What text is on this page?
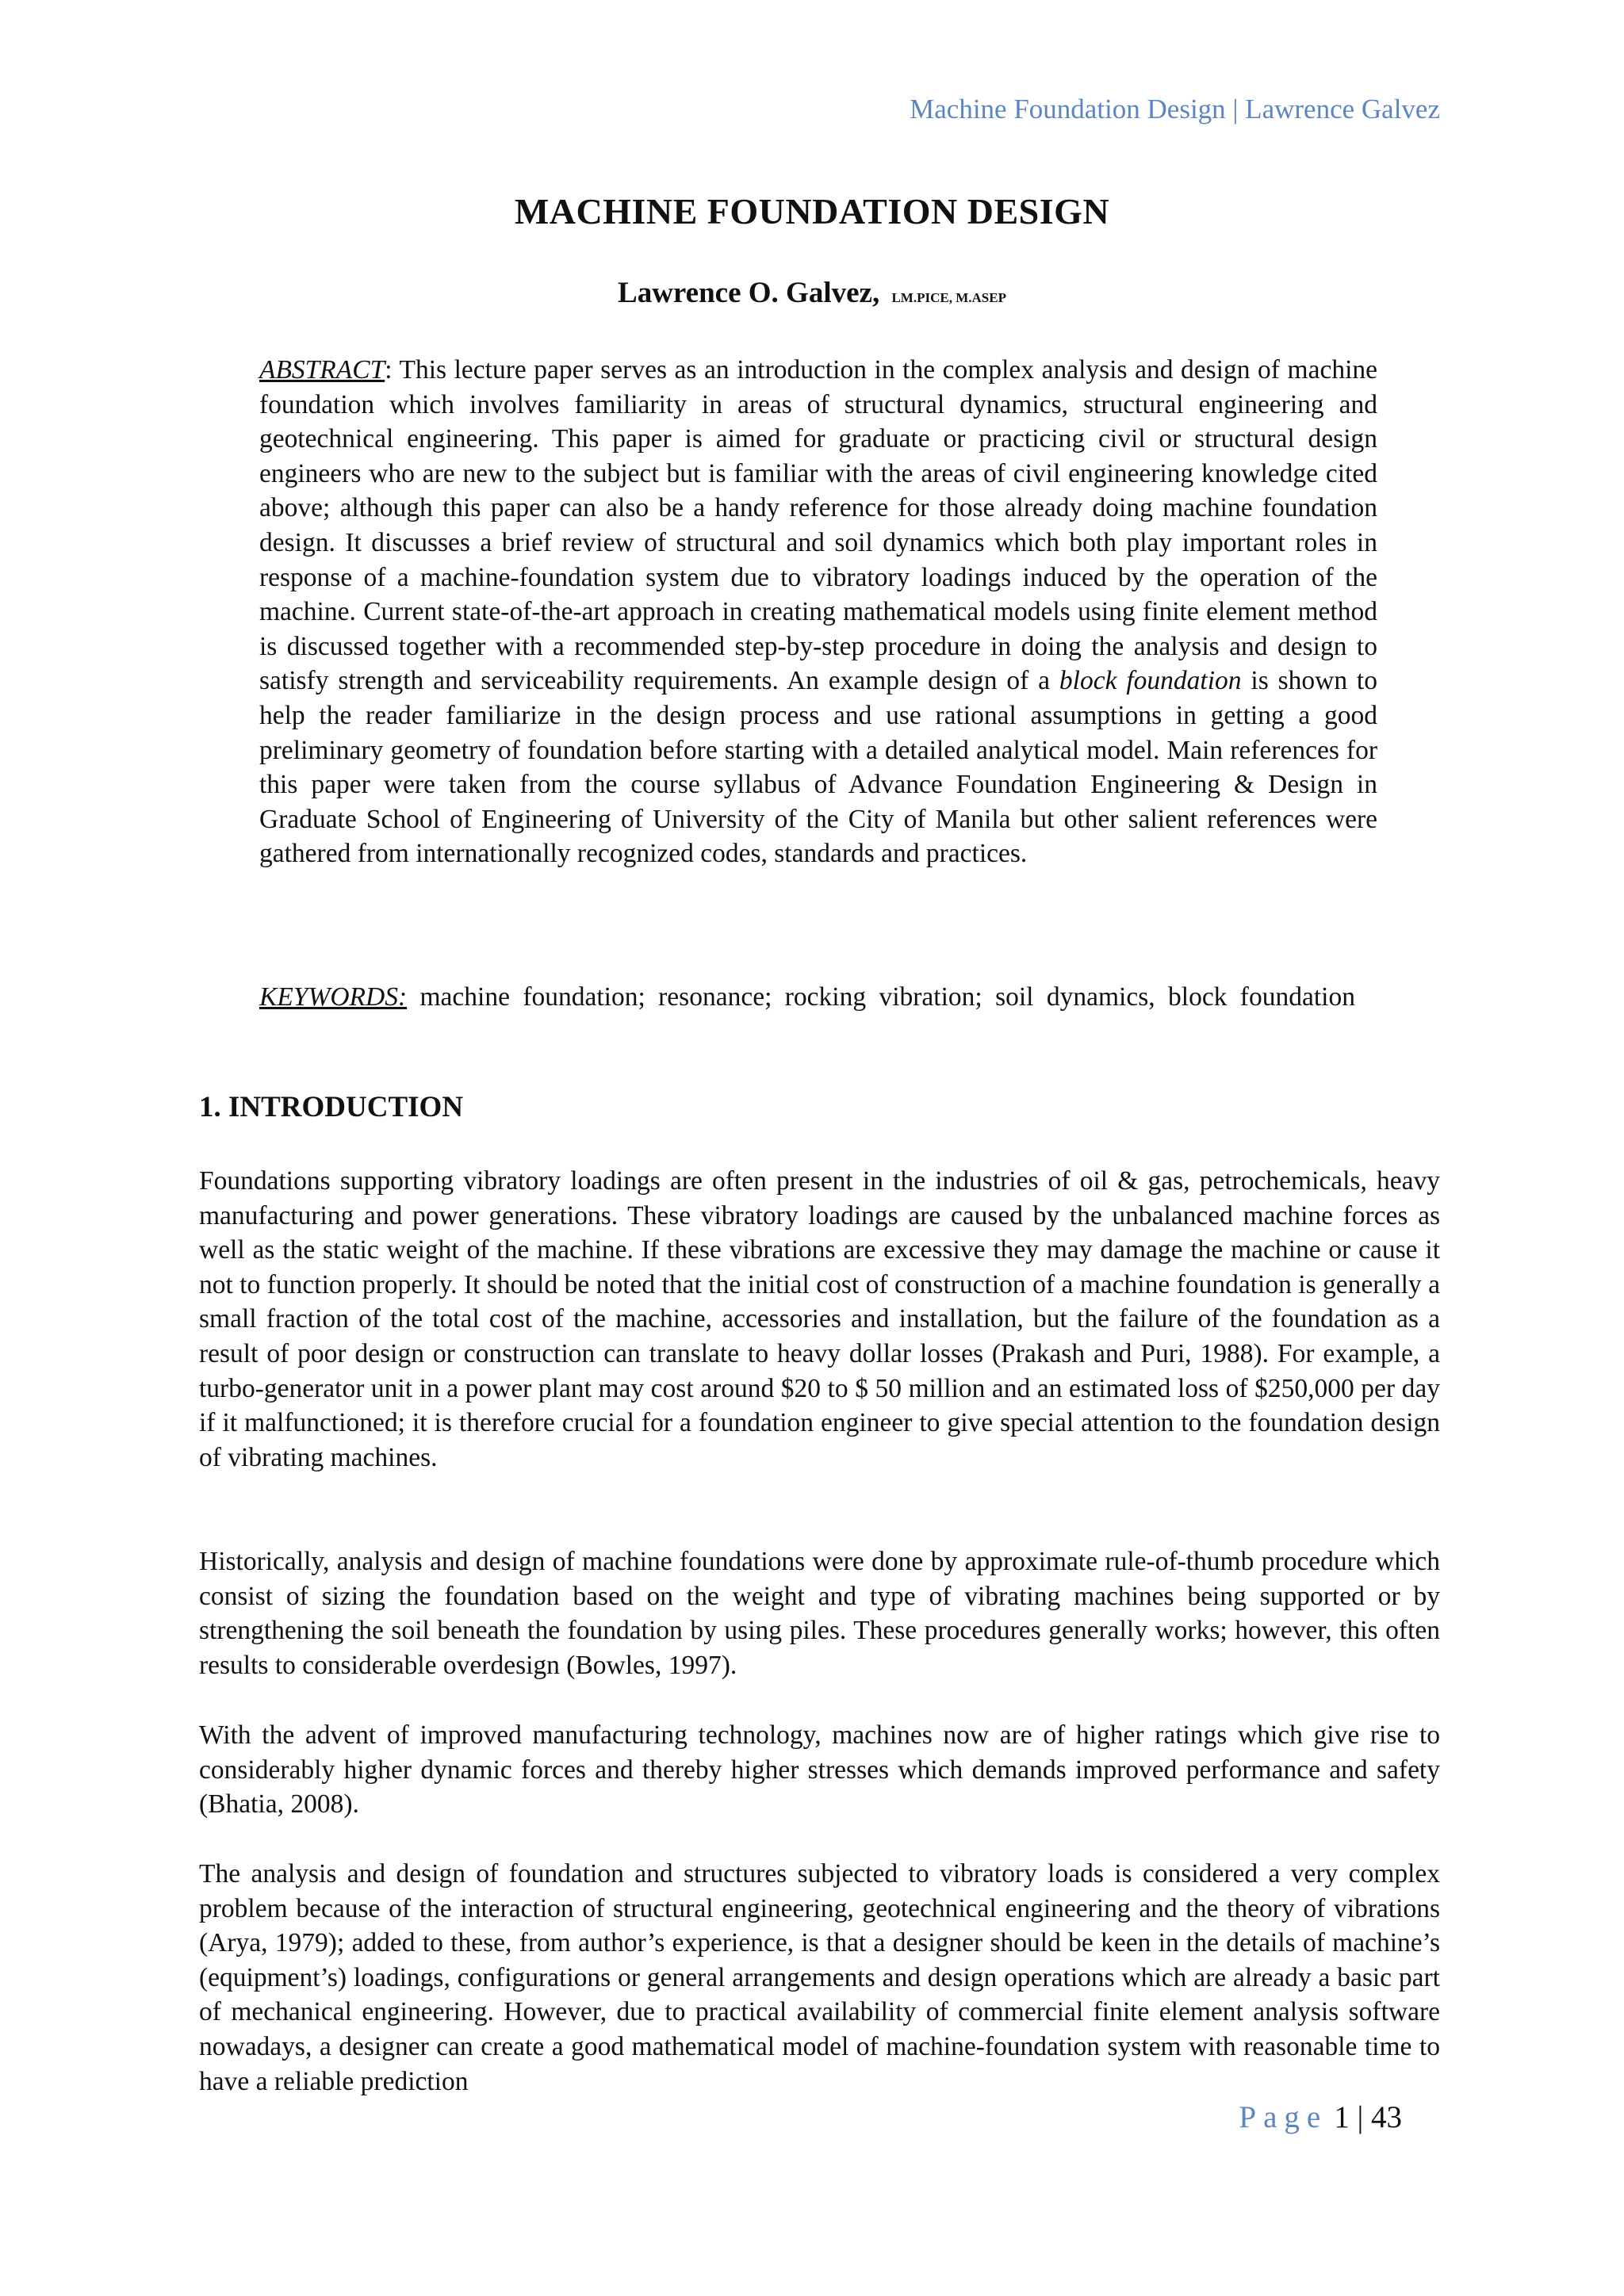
Machine Foundation Design | Lawrence Galvez
MACHINE FOUNDATION DESIGN
Lawrence O. Galvez, LM.PICE, M.ASEP

ABSTRACT: This lecture paper serves as an introduction in the complex analysis and design of machine foundation which involves familiarity in areas of structural dynamics, structural engineering and geotechnical engineering. This paper is aimed for graduate or practicing civil or structural design engineers who are new to the subject but is familiar with the areas of civil engineering knowledge cited above; although this paper can also be a handy reference for those already doing machine foundation design. It discusses a brief review of structural and soil dynamics which both play important roles in response of a machine-foundation system due to vibratory loadings induced by the operation of the machine. Current state-of-the-art approach in creating mathematical models using finite element method is discussed together with a recommended step-by-step procedure in doing the analysis and design to satisfy strength and serviceability requirements. An example design of a block foundation is shown to help the reader familiarize in the design process and use rational assumptions in getting a good preliminary geometry of foundation before starting with a detailed analytical model. Main references for this paper were taken from the course syllabus of Advance Foundation Engineering & Design in Graduate School of Engineering of University of the City of Manila but other salient references were gathered from internationally recognized codes, standards and practices.

KEYWORDS: machine foundation; resonance; rocking vibration; soil dynamics, block foundation

1. INTRODUCTION

Foundations supporting vibratory loadings are often present in the industries of oil & gas, petrochemicals, heavy manufacturing and power generations. These vibratory loadings are caused by the unbalanced machine forces as well as the static weight of the machine. If these vibrations are excessive they may damage the machine or cause it not to function properly. It should be noted that the initial cost of construction of a machine foundation is generally a small fraction of the total cost of the machine, accessories and installation, but the failure of the foundation as a result of poor design or construction can translate to heavy dollar losses (Prakash and Puri, 1988). For example, a turbo-generator unit in a power plant may cost around $20 to $ 50 million and an estimated loss of $250,000 per day if it malfunctioned; it is therefore crucial for a foundation engineer to give special attention to the foundation design of vibrating machines.

Historically, analysis and design of machine foundations were done by approximate rule-of-thumb procedure which consist of sizing the foundation based on the weight and type of vibrating machines being supported or by strengthening the soil beneath the foundation by using piles. These procedures generally works; however, this often results to considerable overdesign (Bowles, 1997).

With the advent of improved manufacturing technology, machines now are of higher ratings which give rise to considerably higher dynamic forces and thereby higher stresses which demands improved performance and safety (Bhatia, 2008).

The analysis and design of foundation and structures subjected to vibratory loads is considered a very complex problem because of the interaction of structural engineering, geotechnical engineering and the theory of vibrations (Arya, 1979); added to these, from author’s experience, is that a designer should be keen in the details of machine’s (equipment’s) loadings, configurations or general arrangements and design operations which are already a basic part of mechanical engineering. However, due to practical availability of commercial finite element analysis software nowadays, a designer can create a good mathematical model of machine-foundation system with reasonable time to have a reliable prediction

Page 1 | 43
